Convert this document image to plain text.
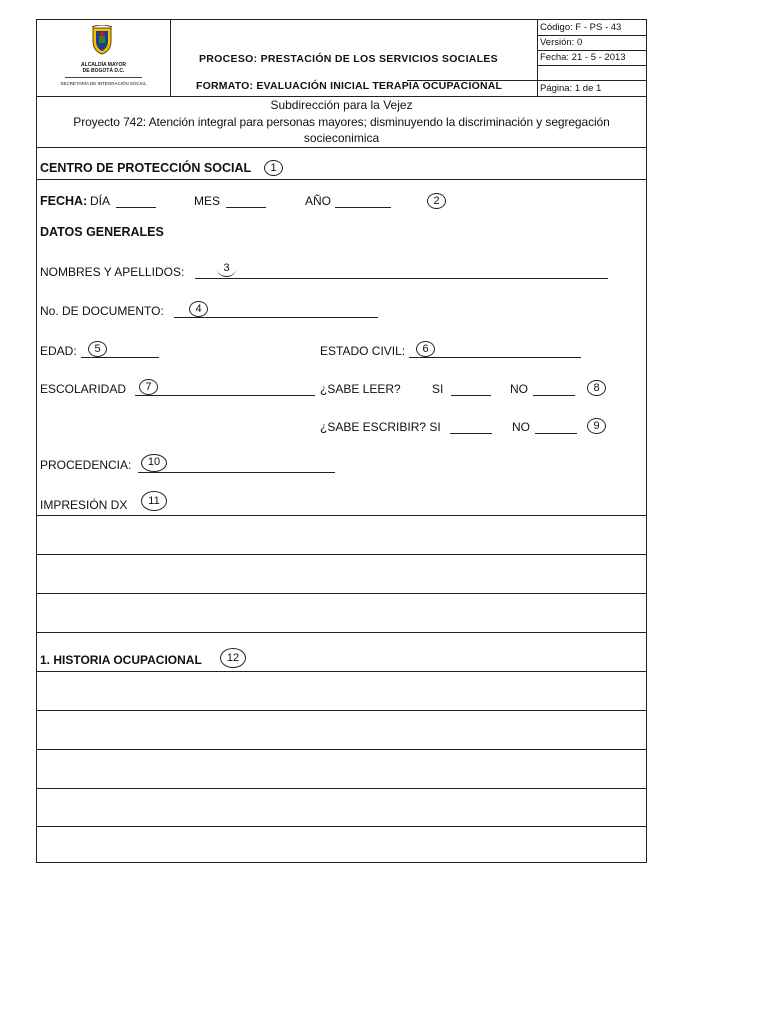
ALCALDÍA MAYOR
DE BOGOTÁ D.C.
SECRETARÍA DE INTEGRACIÓN SOCIAL
PROCESO: PRESTACIÓN DE LOS SERVICIOS SOCIALES
FORMATO: EVALUACIÓN INICIAL TERAPIA OCUPACIONAL
Código: F - PS - 43
Versión: 0
Fecha: 21 - 5 - 2013
Página: 1 de 1
Subdirección para la Vejez
Proyecto 742: Atención integral para personas mayores; disminuyendo la discriminación y segregación
socieconimica
CENTRO DE PROTECCIÓN SOCIAL	1
FECHA: DÍA	MES	AÑO	2
DATOS GENERALES
NOMBRES Y APELLIDOS:	3
No. DE DOCUMENTO:	4
EDAD:	5	ESTADO CIVIL:	6
ESCOLARIDAD	7	¿SABE LEER?	SI	NO	8
¿SABE ESCRIBIR? SI	NO	9
PROCEDENCIA:	10
IMPRESIÓN DX	11
1. HISTORIA OCUPACIONAL	12
